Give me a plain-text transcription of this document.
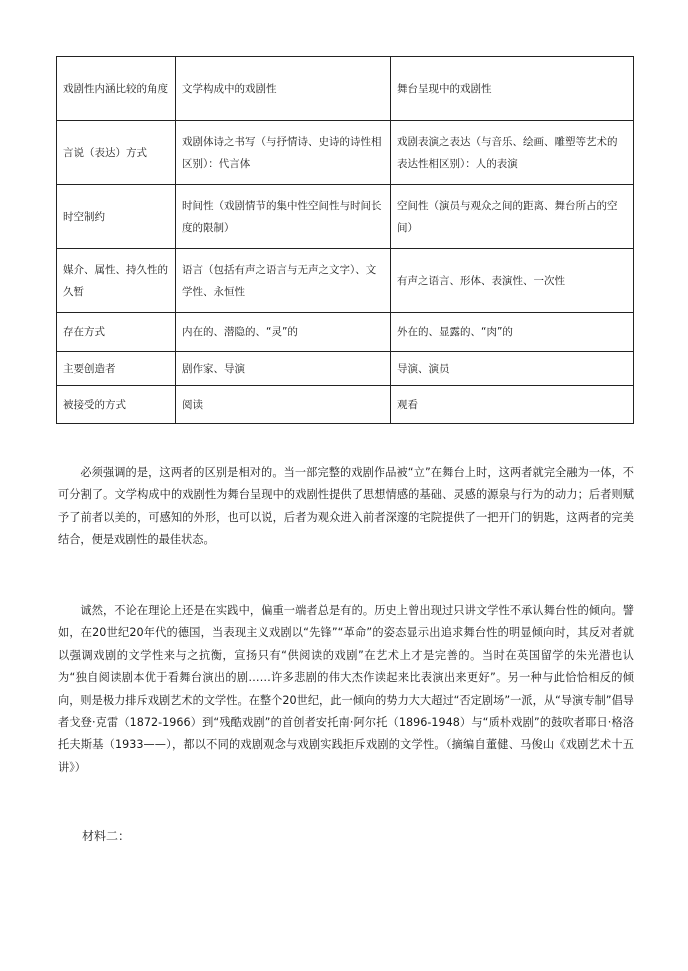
戏剧性内涵比较的角度	文学构成中的戏剧性	舞台呈现中的戏剧性
言说（表达）方式	戏剧体诗之书写（与抒情诗、史诗的诗性相区别）：代言体	戏剧表演之表达（与音乐、绘画、雕塑等艺术的表达性相区别）：人的表演
时空制约	时间性（戏剧情节的集中性空间性与时间长度的限制）	空间性（演员与观众之间的距离、舞台所占的空间）
媒介、属性、持久性的久暂	语言（包括有声之语言与无声之文字）、文学性、永恒性	有声之语言、形体、表演性、一次性
存在方式	内在的、潜隐的、“灵”的	外在的、显露的、“肉”的
主要创造者	剧作家、导演	导演、演员
被接受的方式	阅读	观看

必须强调的是，这两者的区别是相对的。当一部完整的戏剧作品被“立”在舞台上时，这两者就完全融为一体，不可分割了。文学构成中的戏剧性为舞台呈现中的戏剧性提供了思想情感的基础、灵感的源泉与行为的动力；后者则赋予了前者以美的，可感知的外形，也可以说，后者为观众进入前者深邃的宅院提供了一把开门的钥匙，这两者的完美结合，便是戏剧性的最佳状态。

诚然，不论在理论上还是在实践中，偏重一端者总是有的。历史上曾出现过只讲文学性不承认舞台性的倾向。譬如，在20世纪20年代的德国，当表现主义戏剧以“先锋”“革命”的姿态显示出追求舞台性的明显倾向时，其反对者就以强调戏剧的文学性来与之抗衡，宣扬只有“供阅读的戏剧”在艺术上才是完善的。当时在英国留学的朱光潜也认为“独自阅读剧本优于看舞台演出的剧……许多悲剧的伟大杰作读起来比表演出来更好”。另一种与此恰恰相反的倾向，则是极力排斥戏剧艺术的文学性。在整个20世纪，此一倾向的势力大大超过“否定剧场”一派，从“导演专制”倡导者戈登·克雷（1872-1966）到“残酷戏剧”的首创者安托南·阿尔托（1896-1948）与“质朴戏剧”的鼓吹者耶日·格洛托夫斯基（1933——），都以不同的戏剧观念与戏剧实践拒斥戏剧的文学性。（摘编自董健、马俊山《戏剧艺术十五讲》）

材料二：
